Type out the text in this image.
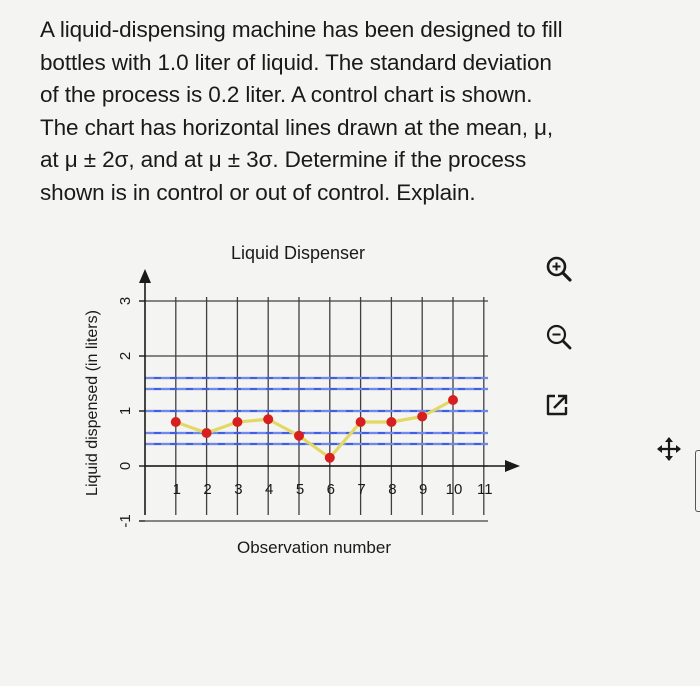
A liquid-dispensing machine has been designed to fill
bottles with 1.0 liter of liquid. The standard deviation
of the process is 0.2 liter. A control chart is shown.
The chart has horizontal lines drawn at the mean, μ,
at μ ± 2σ, and at μ ± 3σ. Determine if the process
shown is in control or out of control. Explain.
Liquid Dispenser
Observation number
Liquid dispensed (in liters)
3
2
1
0
-1
1 2 3 4 5 6 7 8 9 10 11
